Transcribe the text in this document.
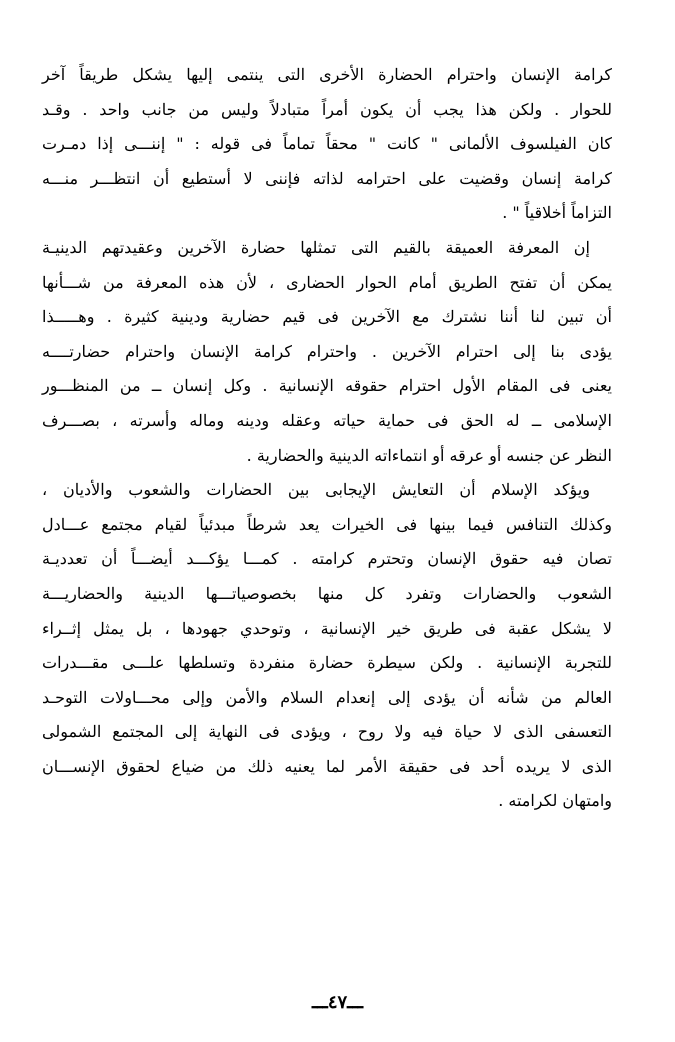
كرامة الإنسان واحترام الحضارة الأخرى التى ينتمى إليها يشكل طريقاً آخر
للحوار . ولكن هذا يجب أن يكون أمراً متبادلاً وليس من جانب واحد . وقـد
كان الفيلسوف الألمانى " كانت " محقاً تماماً فى قوله : " إننـــى إذا دمـرت
كرامة إنسان وقضيت على احترامه لذاته فإننى لا أستطيع أن انتظـــر منـــه
التزاماً أخلاقياً " .
إن المعرفة العميقة بالقيم التى تمثلها حضارة الآخرين وعقيدتهم الدينيـة
يمكن أن تفتح الطريق أمام الحوار الحضارى ، لأن هذه المعرفة من شـــأنها
أن تبين لنا أننا نشترك مع الآخرين فى قيم حضارية ودينية كثيرة . وهـــــذا
يؤدى بنا إلى احترام الآخرين . واحترام كرامة الإنسان واحترام حضارتــــه
يعنى فى المقام الأول احترام حقوقه الإنسانية . وكل إنسان ــ من المنظـــور
الإسلامى ــ له الحق فى حماية حياته وعقله ودينه وماله وأسرته ، بصـــرف
النظر عن جنسه أو عرقه أو انتماءاته الدينية والحضارية .
ويؤكد الإسلام أن التعايش الإيجابى بين الحضارات والشعوب والأديان ،
وكذلك التنافس فيما بينها فى الخيرات يعد شرطاً مبدئياً لقيام مجتمع عـــادل
تصان فيه حقوق الإنسان وتحترم كرامته . كمـــا يؤكـــد أيضـــاً أن تعدديـة
الشعوب والحضارات وتفرد كل منها بخصوصياتـــها الدينية والحضاريـــة
لا يشكل عقبة فى طريق خير الإنسانية ، وتوحدي جهودها ، بل يمثل إثــراء
للتجربة الإنسانية . ولكن سيطرة حضارة منفردة وتسلطها علـــى مقـــدرات
العالم من شأنه أن يؤدى إلى إنعدام السلام والأمن وإلى محـــاولات التوحـد
التعسفى الذى لا حياة فيه ولا روح ، ويؤدى فى النهاية إلى المجتمع الشمولى
الذى لا يريده أحد فى حقيقة الأمر لما يعنيه ذلك من ضياع لحقوق الإنســـان
وامتهان لكرامته .
ـــ٤٧ـــ
